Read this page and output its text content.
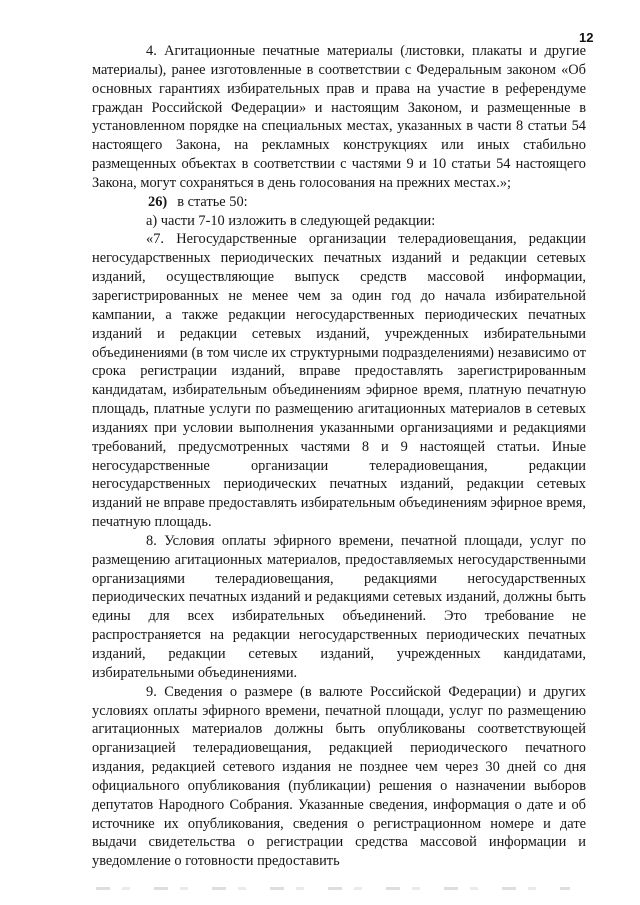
12

4. Агитационные печатные материалы (листовки, плакаты и другие материалы), ранее изготовленные в соответствии с Федеральным законом «Об основных гарантиях избирательных прав и права на участие в референдуме граждан Российской Федерации» и настоящим Законом, и размещенные в установленном порядке на специальных местах, указанных в части 8 статьи 54 настоящего Закона, на рекламных конструкциях или иных стабильно размещенных объектах в соответствии с частями 9 и 10 статьи 54 настоящего Закона, могут сохраняться в день голосования на прежних местах.»;

26) в статье 50:

а) части 7-10 изложить в следующей редакции:

«7. Негосударственные организации телерадиовещания, редакции негосударственных периодических печатных изданий и редакции сетевых изданий, осуществляющие выпуск средств массовой информации, зарегистрированных не менее чем за один год до начала избирательной кампании, а также редакции негосударственных периодических печатных изданий и редакции сетевых изданий, учрежденных избирательными объединениями (в том числе их структурными подразделениями) независимо от срока регистрации изданий, вправе предоставлять зарегистрированным кандидатам, избирательным объединениям эфирное время, платную печатную площадь, платные услуги по размещению агитационных материалов в сетевых изданиях при условии выполнения указанными организациями и редакциями требований, предусмотренных частями 8 и 9 настоящей статьи. Иные негосударственные организации телерадиовещания, редакции негосударственных периодических печатных изданий, редакции сетевых изданий не вправе предоставлять избирательным объединениям эфирное время, печатную площадь.

8. Условия оплаты эфирного времени, печатной площади, услуг по размещению агитационных материалов, предоставляемых негосударственными организациями телерадиовещания, редакциями негосударственных периодических печатных изданий и редакциями сетевых изданий, должны быть едины для всех избирательных объединений. Это требование не распространяется на редакции негосударственных периодических печатных изданий, редакции сетевых изданий, учрежденных кандидатами, избирательными объединениями.

9. Сведения о размере (в валюте Российской Федерации) и других условиях оплаты эфирного времени, печатной площади, услуг по размещению агитационных материалов должны быть опубликованы соответствующей организацией телерадиовещания, редакцией периодического печатного издания, редакцией сетевого издания не позднее чем через 30 дней со дня официального опубликования (публикации) решения о назначении выборов депутатов Народного Собрания. Указанные сведения, информация о дате и об источнике их опубликования, сведения о регистрационном номере и дате выдачи свидетельства о регистрации средства массовой информации и уведомление о готовности предоставить
